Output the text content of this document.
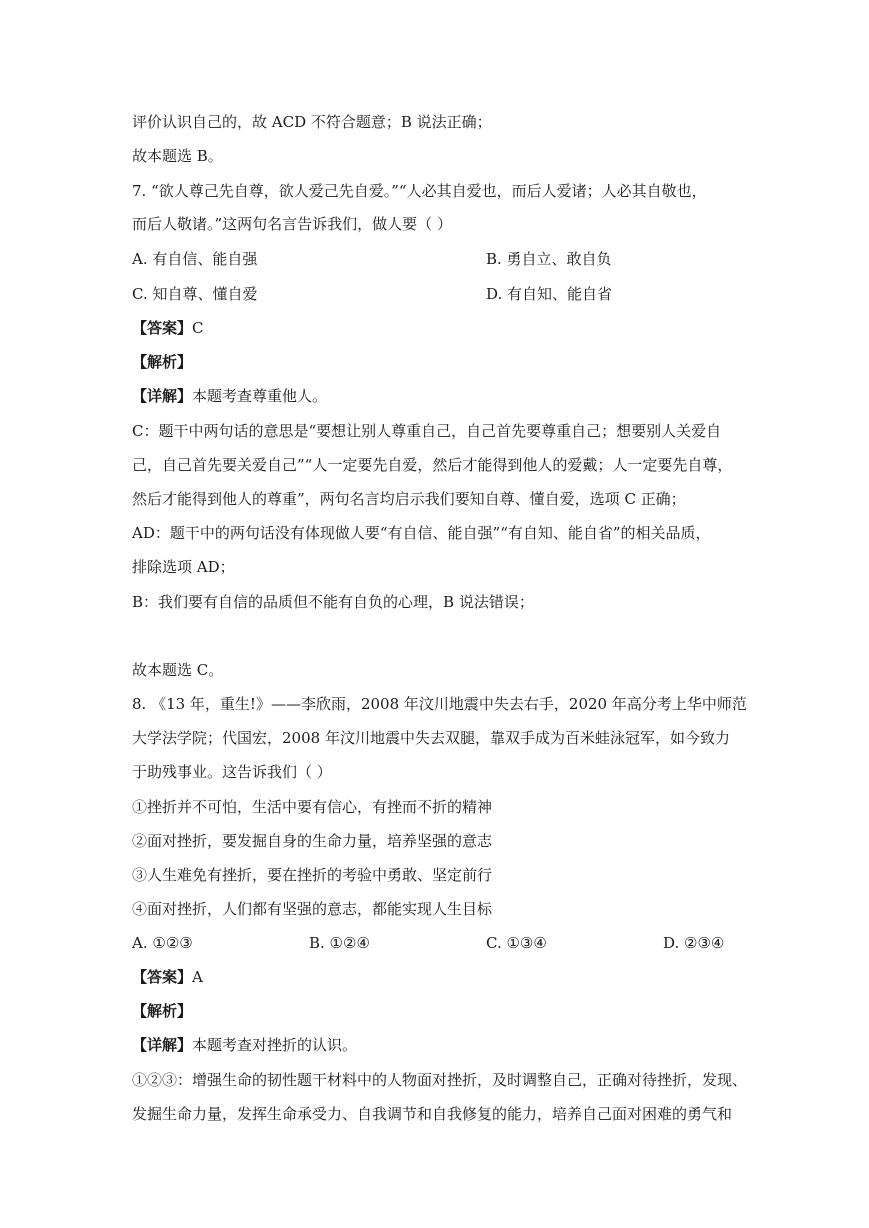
评价认识自己的，故 ACD 不符合题意；B 说法正确；
故本题选 B。
7. “欲人尊己先自尊，欲人爱己先自爱。”“人必其自爱也，而后人爱诸；人必其自敬也，
而后人敬诸。”这两句名言告诉我们，做人要（ ）
A. 有自信、能自强	B. 勇自立、敢自负
C. 知自尊、懂自爱	D. 有自知、能自省
【答案】C
【解析】
【详解】本题考查尊重他人。
C：题干中两句话的意思是“要想让别人尊重自己，自己首先要尊重自己；想要别人关爱自
己，自己首先要关爱自己”“人一定要先自爱，然后才能得到他人的爱戴；人一定要先自尊，
然后才能得到他人的尊重”，两句名言均启示我们要知自尊、懂自爱，选项 C 正确；
AD：题干中的两句话没有体现做人要“有自信、能自强”“有自知、能自省”的相关品质，
排除选项 AD；
B：我们要有自信的品质但不能有自负的心理，B 说法错误；
故本题选 C。
8. 《13 年，重生!》——李欣雨，2008 年汶川地震中失去右手，2020 年高分考上华中师范
大学法学院；代国宏，2008 年汶川地震中失去双腿，靠双手成为百米蛙泳冠军，如今致力
于助残事业。这告诉我们（ ）
①挫折并不可怕，生活中要有信心，有挫而不折的精神
②面对挫折，要发掘自身的生命力量，培养坚强的意志
③人生难免有挫折，要在挫折的考验中勇敢、坚定前行
④面对挫折，人们都有坚强的意志，都能实现人生目标
A. ①②③	B. ①②④	C. ①③④	D. ②③④
【答案】A
【解析】
【详解】本题考查对挫折的认识。
①②③：增强生命的韧性题干材料中的人物面对挫折，及时调整自己，正确对待挫折，发现、
发掘生命力量，发挥生命承受力、自我调节和自我修复的能力，培养自己面对困难的勇气和
